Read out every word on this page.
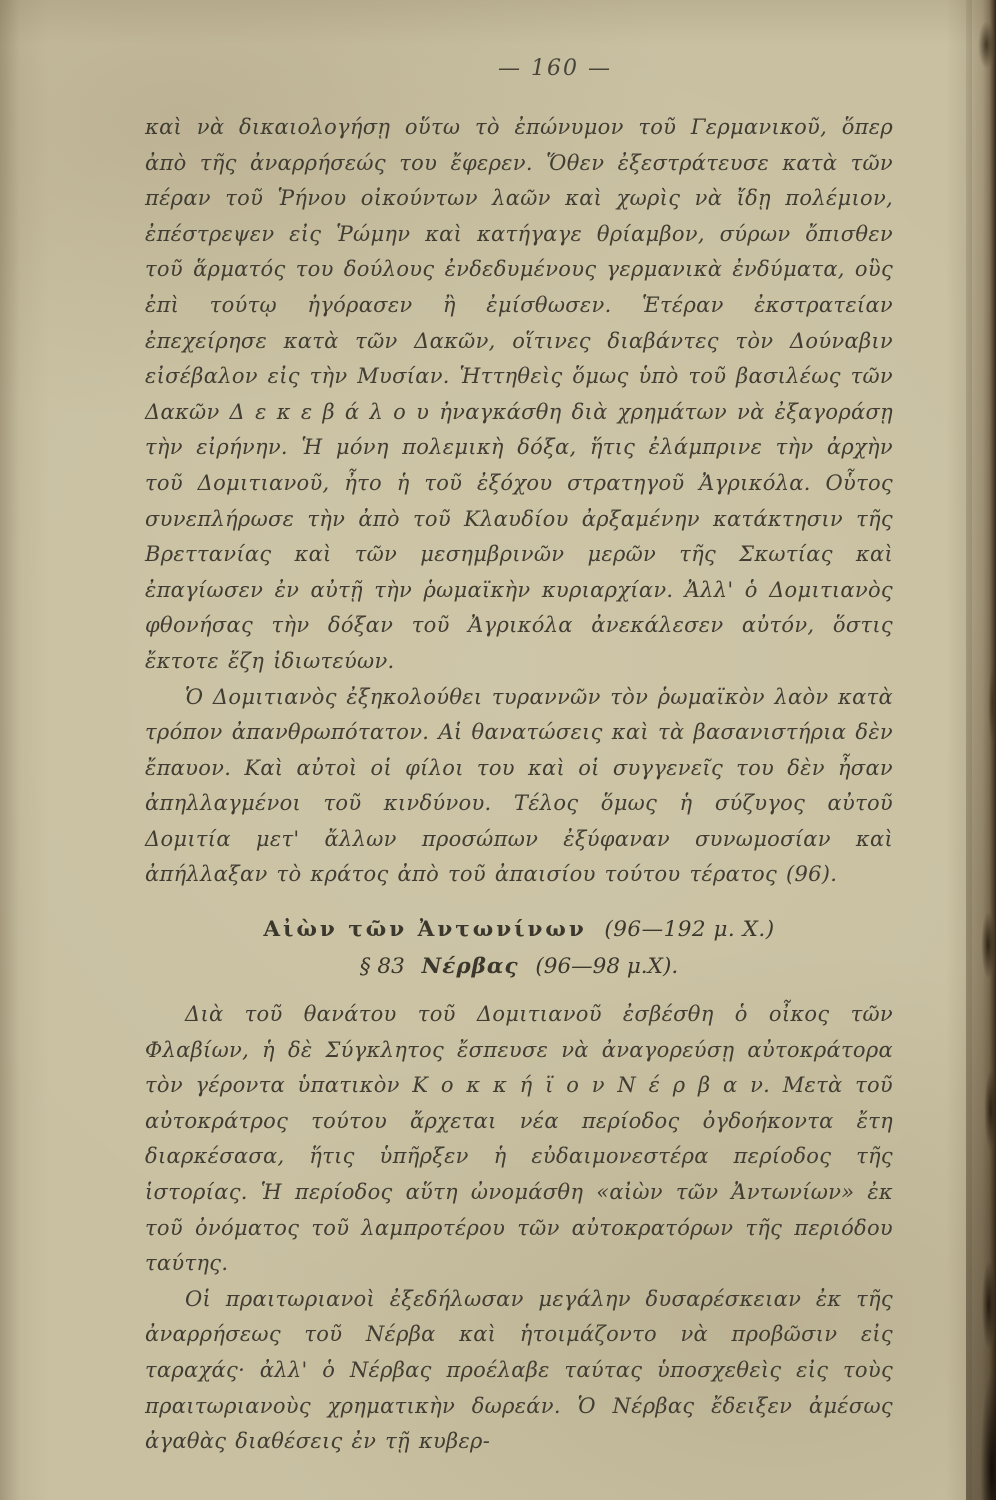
— 160 —

καὶ νὰ δικαιολογήσῃ οὕτω τὸ ἐπώνυμον τοῦ Γερμανικοῦ, ὅπερ ἀπὸ τῆς ἀναρρήσεώς του ἔφερεν. Ὅθεν ἐξεστράτευσε κατὰ τῶν πέραν τοῦ Ῥήνου οἰκούντων λαῶν καὶ χωρὶς νὰ ἴδῃ πολέμιον, ἐπέστρεψεν εἰς Ῥώμην καὶ κατήγαγε θρίαμβον, σύρων ὄπισθεν τοῦ ἅρματός του δούλους ἐνδεδυμένους γερμανικὰ ἐνδύματα, οὓς ἐπὶ τούτῳ ἠγόρασεν ἢ ἐμίσθωσεν. Ἑτέραν ἐκστρατείαν ἐπεχείρησε κατὰ τῶν Δακῶν, οἵτινες διαβάντες τὸν Δούναβιν εἰσέβαλον εἰς τὴν Μυσίαν. Ἡττηθεὶς ὅμως ὑπὸ τοῦ βασιλέως τῶν Δακῶν Δ ε κ ε β ά λ ο υ ἠναγκάσθη διὰ χρημάτων νὰ ἐξαγοράσῃ τὴν εἰρήνην. Ἡ μόνη πολεμικὴ δόξα, ἥτις ἐλάμπρινε τὴν ἀρχὴν τοῦ Δομιτιανοῦ, ἦτο ἡ τοῦ ἐξόχου στρατηγοῦ Ἀγρικόλα. Οὗτος συνεπλήρωσε τὴν ἀπὸ τοῦ Κλαυδίου ἀρξαμένην κατάκτησιν τῆς Βρεττανίας καὶ τῶν μεσημβρινῶν μερῶν τῆς Σκωτίας καὶ ἐπαγίωσεν ἐν αὐτῇ τὴν ῥωμαϊκὴν κυριαρχίαν. Ἀλλ' ὁ Δομιτιανὸς φθονήσας τὴν δόξαν τοῦ Ἀγρικόλα ἀνεκάλεσεν αὐτόν, ὅστις ἔκτοτε ἔζη ἰδιωτεύων.

Ὁ Δομιτιανὸς ἐξηκολούθει τυραννῶν τὸν ῥωμαϊκὸν λαὸν κατὰ τρόπον ἀπανθρωπότατον. Αἱ θανατώσεις καὶ τὰ βασανιστήρια δὲν ἔπαυον. Καὶ αὐτοὶ οἱ φίλοι του καὶ οἱ συγγενεῖς του δὲν ἦσαν ἀπηλλαγμένοι τοῦ κινδύνου. Τέλος ὅμως ἡ σύζυγος αὐτοῦ Δομιτία μετ' ἄλλων προσώπων ἐξύφαναν συνωμοσίαν καὶ ἀπήλλαξαν τὸ κράτος ἀπὸ τοῦ ἀπαισίου τούτου τέρατος (96).

Αἰὼν τῶν Ἀντωνίνων (96—192 μ. Χ.)
§ 83 Νέρβας (96—98 μ.Χ).

Διὰ τοῦ θανάτου τοῦ Δομιτιανοῦ ἐσβέσθη ὁ οἶκος τῶν Φλαβίων, ἡ δὲ Σύγκλητος ἔσπευσε νὰ ἀναγορεύσῃ αὐτοκράτορα τὸν γέροντα ὑπατικὸν Κ ο κ κ ή ϊ ο ν Ν έ ρ β α ν. Μετὰ τοῦ αὐτοκράτρος τούτου ἄρχεται νέα περίοδος ὀγδοήκοντα ἔτη διαρκέσασα, ἥτις ὑπῆρξεν ἡ εὐδαιμονεστέρα περίοδος τῆς ἱστορίας. Ἡ περίοδος αὕτη ὠνομάσθη «αἰὼν τῶν Ἀντωνίων» ἐκ τοῦ ὀνόματος τοῦ λαμπροτέρου τῶν αὐτοκρατόρων τῆς περιόδου ταύτης.

Οἱ πραιτωριανοὶ ἐξεδήλωσαν μεγάλην δυσαρέσκειαν ἐκ τῆς ἀναρρήσεως τοῦ Νέρβα καὶ ἡτοιμάζοντο νὰ προβῶσιν εἰς ταραχάς· ἀλλ' ὁ Νέρβας προέλαβε ταύτας ὑποσχεθεὶς εἰς τοὺς πραιτωριανοὺς χρηματικὴν δωρεάν. Ὁ Νέρβας ἔδειξεν ἀμέσως ἀγαθὰς διαθέσεις ἐν τῇ κυβερ-
